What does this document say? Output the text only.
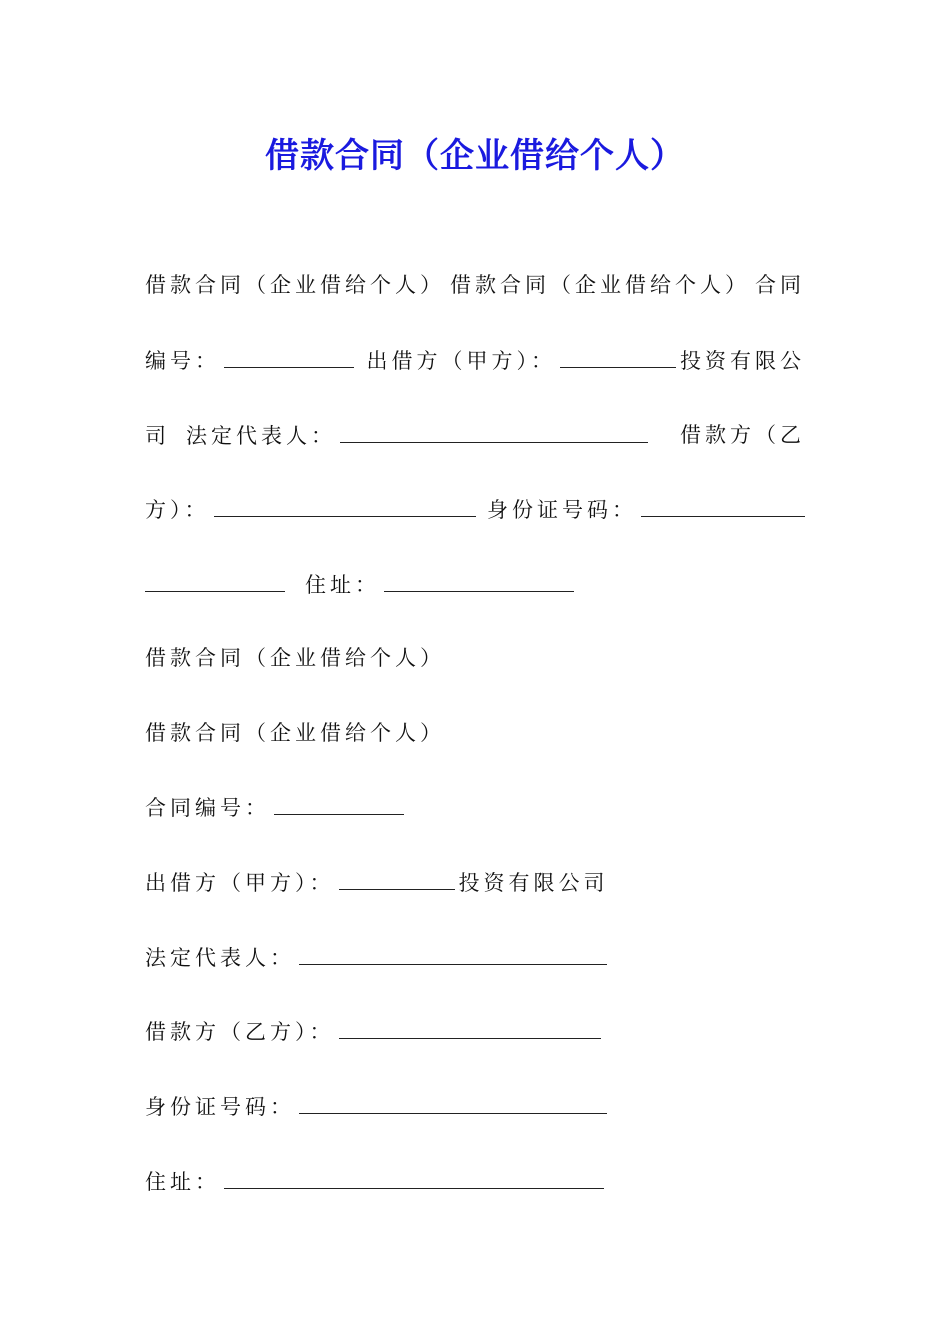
借款合同（企业借给个人）
借款合同（企业借给个人） 借款合同（企业借给个人） 合同
编号：	出借方（甲方）：	投资有限公
司 法定代表人：	借款方（乙
方）：	身份证号码：
住址：
借款合同（企业借给个人）
借款合同（企业借给个人）
合同编号：
出借方（甲方）：	投资有限公司
法定代表人：
借款方（乙方）：
身份证号码：
住址：
